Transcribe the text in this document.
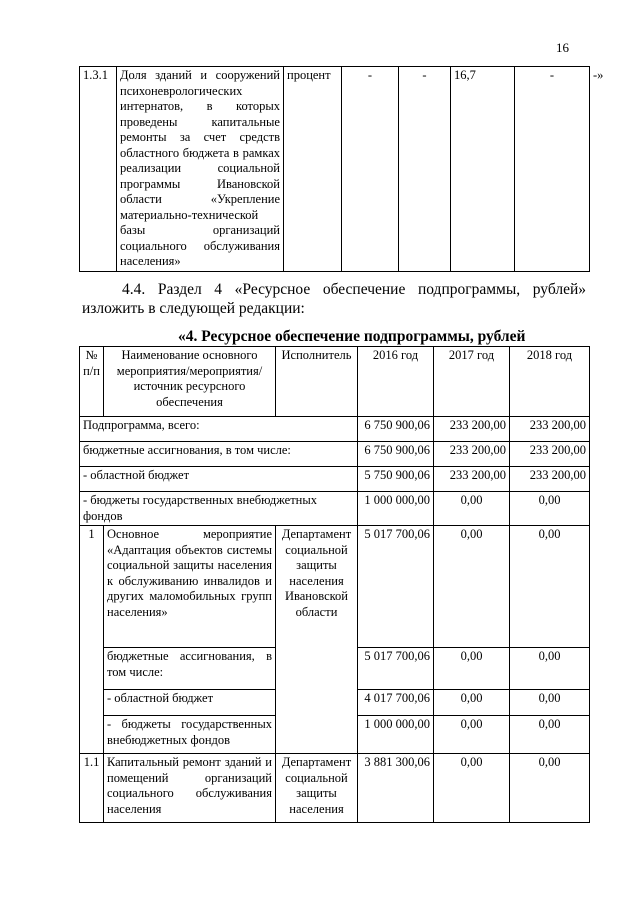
16
1.3.1	Доля зданий и сооружений психоневрологических интернатов, в которых проведены капитальные ремонты за счет средств областного бюджета в рамках реализации социальной программы Ивановской области «Укрепление материально-технической базы организаций социального обслуживания населения»	процент	-	-	16,7	-	-»
4.4. Раздел 4 «Ресурсное обеспечение подпрограммы, рублей»
изложить в следующей редакции:
«4. Ресурсное обеспечение подпрограммы, рублей
№ п/п	Наименование основного мероприятия/мероприятия/ источник ресурсного обеспечения	Исполнитель	2016 год	2017 год	2018 год
Подпрограмма, всего:			6 750 900,06	233 200,00	233 200,00
бюджетные ассигнования, в том числе:			6 750 900,06	233 200,00	233 200,00
- областной бюджет			5 750 900,06	233 200,00	233 200,00
- бюджеты государственных внебюджетных фондов			1 000 000,00	0,00	0,00
1	Основное мероприятие «Адаптация объектов системы социальной защиты населения к обслуживанию инвалидов и других маломобильных групп населения»	Департамент социальной защиты населения Ивановской области	5 017 700,06	0,00	0,00
	бюджетные ассигнования, в том числе:		5 017 700,06	0,00	0,00
	- областной бюджет		4 017 700,06	0,00	0,00
	- бюджеты государственных внебюджетных фондов		1 000 000,00	0,00	0,00
1.1	Капитальный ремонт зданий и помещений организаций социального обслуживания населения	Департамент социальной защиты населения	3 881 300,06	0,00	0,00
